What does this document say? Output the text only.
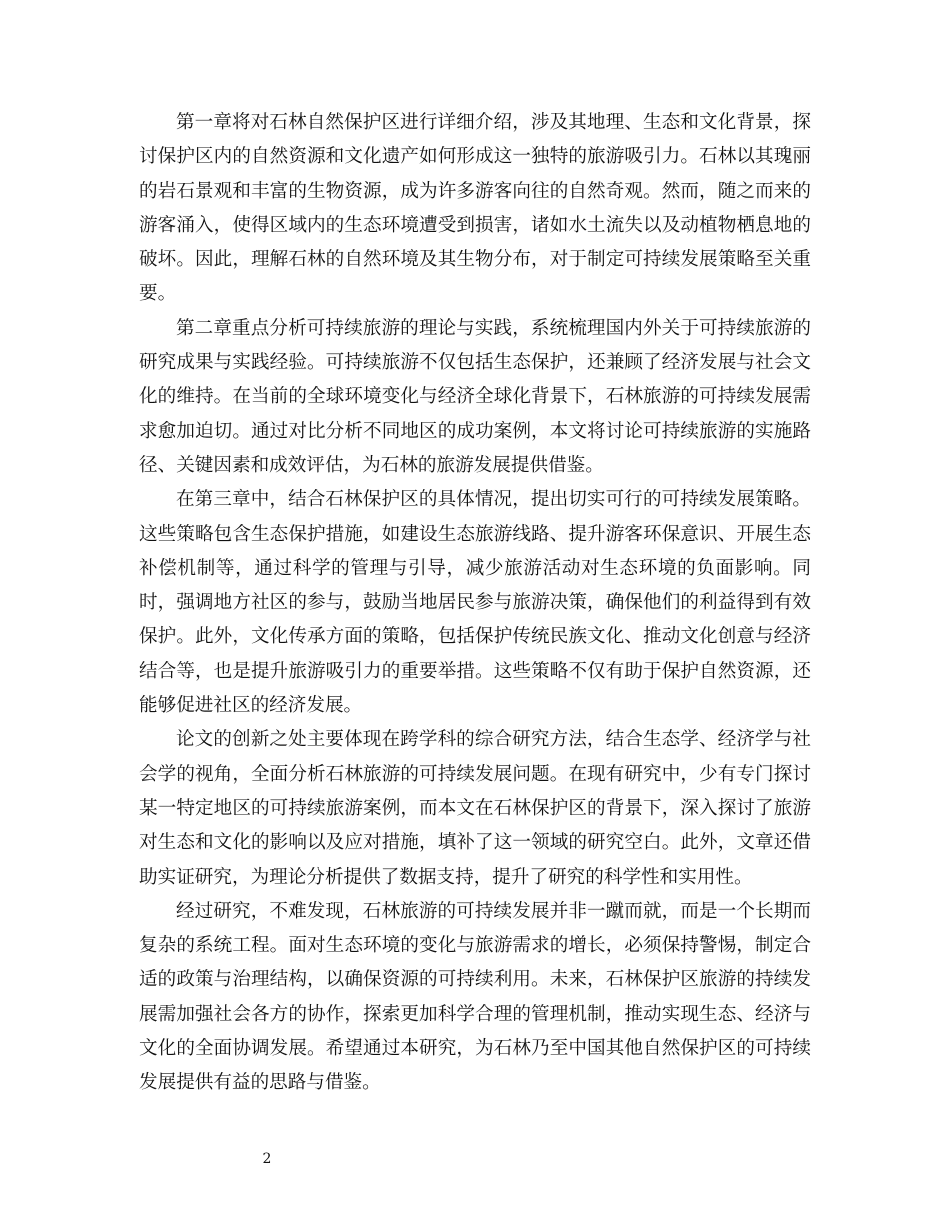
第一章将对石林自然保护区进行详细介绍，涉及其地理、生态和文化背景，探讨保护区内的自然资源和文化遗产如何形成这一独特的旅游吸引力。石林以其瑰丽的岩石景观和丰富的生物资源，成为许多游客向往的自然奇观。然而，随之而来的游客涌入，使得区域内的生态环境遭受到损害，诸如水土流失以及动植物栖息地的破坏。因此，理解石林的自然环境及其生物分布，对于制定可持续发展策略至关重要。

第二章重点分析可持续旅游的理论与实践，系统梳理国内外关于可持续旅游的研究成果与实践经验。可持续旅游不仅包括生态保护，还兼顾了经济发展与社会文化的维持。在当前的全球环境变化与经济全球化背景下，石林旅游的可持续发展需求愈加迫切。通过对比分析不同地区的成功案例，本文将讨论可持续旅游的实施路径、关键因素和成效评估，为石林的旅游发展提供借鉴。

在第三章中，结合石林保护区的具体情况，提出切实可行的可持续发展策略。这些策略包含生态保护措施，如建设生态旅游线路、提升游客环保意识、开展生态补偿机制等，通过科学的管理与引导，减少旅游活动对生态环境的负面影响。同时，强调地方社区的参与，鼓励当地居民参与旅游决策，确保他们的利益得到有效保护。此外，文化传承方面的策略，包括保护传统民族文化、推动文化创意与经济结合等，也是提升旅游吸引力的重要举措。这些策略不仅有助于保护自然资源，还能够促进社区的经济发展。

论文的创新之处主要体现在跨学科的综合研究方法，结合生态学、经济学与社会学的视角，全面分析石林旅游的可持续发展问题。在现有研究中，少有专门探讨某一特定地区的可持续旅游案例，而本文在石林保护区的背景下，深入探讨了旅游对生态和文化的影响以及应对措施，填补了这一领域的研究空白。此外，文章还借助实证研究，为理论分析提供了数据支持，提升了研究的科学性和实用性。

经过研究，不难发现，石林旅游的可持续发展并非一蹴而就，而是一个长期而复杂的系统工程。面对生态环境的变化与旅游需求的增长，必须保持警惕，制定合适的政策与治理结构，以确保资源的可持续利用。未来，石林保护区旅游的持续发展需加强社会各方的协作，探索更加科学合理的管理机制，推动实现生态、经济与文化的全面协调发展。希望通过本研究，为石林乃至中国其他自然保护区的可持续发展提供有益的思路与借鉴。

2
